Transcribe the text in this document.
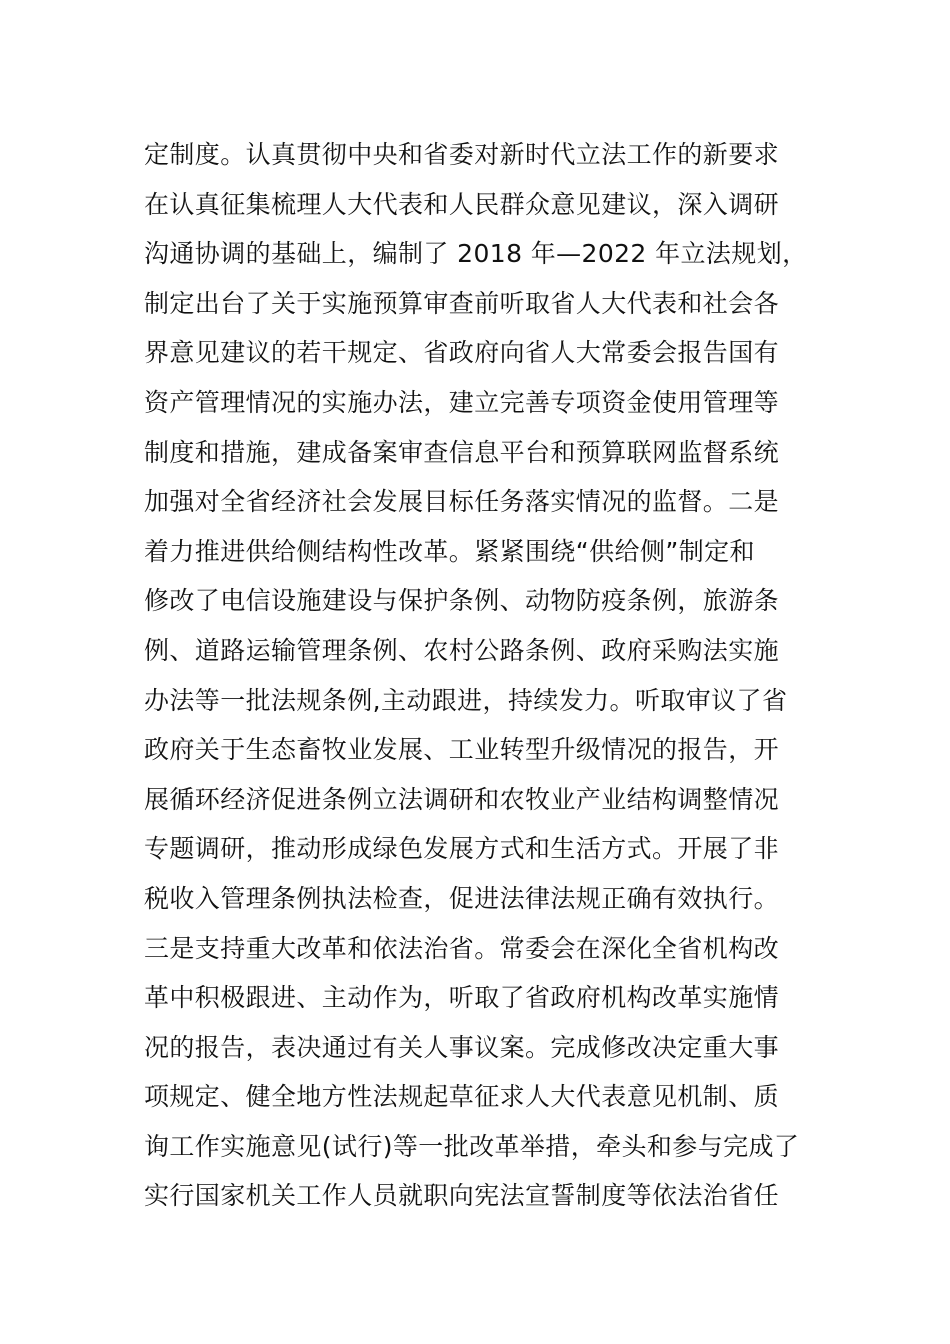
定制度。认真贯彻中央和省委对新时代立法工作的新要求
在认真征集梳理人大代表和人民群众意见建议，深入调研
沟通协调的基础上，编制了 2018 年—2022 年立法规划，
制定出台了关于实施预算审查前听取省人大代表和社会各
界意见建议的若干规定、省政府向省人大常委会报告国有
资产管理情况的实施办法，建立完善专项资金使用管理等
制度和措施，建成备案审查信息平台和预算联网监督系统
加强对全省经济社会发展目标任务落实情况的监督。二是
着力推进供给侧结构性改革。紧紧围绕“供给侧”制定和
修改了电信设施建设与保护条例、动物防疫条例，旅游条
例、道路运输管理条例、农村公路条例、政府采购法实施
办法等一批法规条例,主动跟进，持续发力。听取审议了省
政府关于生态畜牧业发展、工业转型升级情况的报告，开
展循环经济促进条例立法调研和农牧业产业结构调整情况
专题调研，推动形成绿色发展方式和生活方式。开展了非
税收入管理条例执法检查，促进法律法规正确有效执行。
三是支持重大改革和依法治省。常委会在深化全省机构改
革中积极跟进、主动作为，听取了省政府机构改革实施情
况的报告，表决通过有关人事议案。完成修改决定重大事
项规定、健全地方性法规起草征求人大代表意见机制、质
询工作实施意见(试行)等一批改革举措，牵头和参与完成了
实行国家机关工作人员就职向宪法宣誓制度等依法治省任
